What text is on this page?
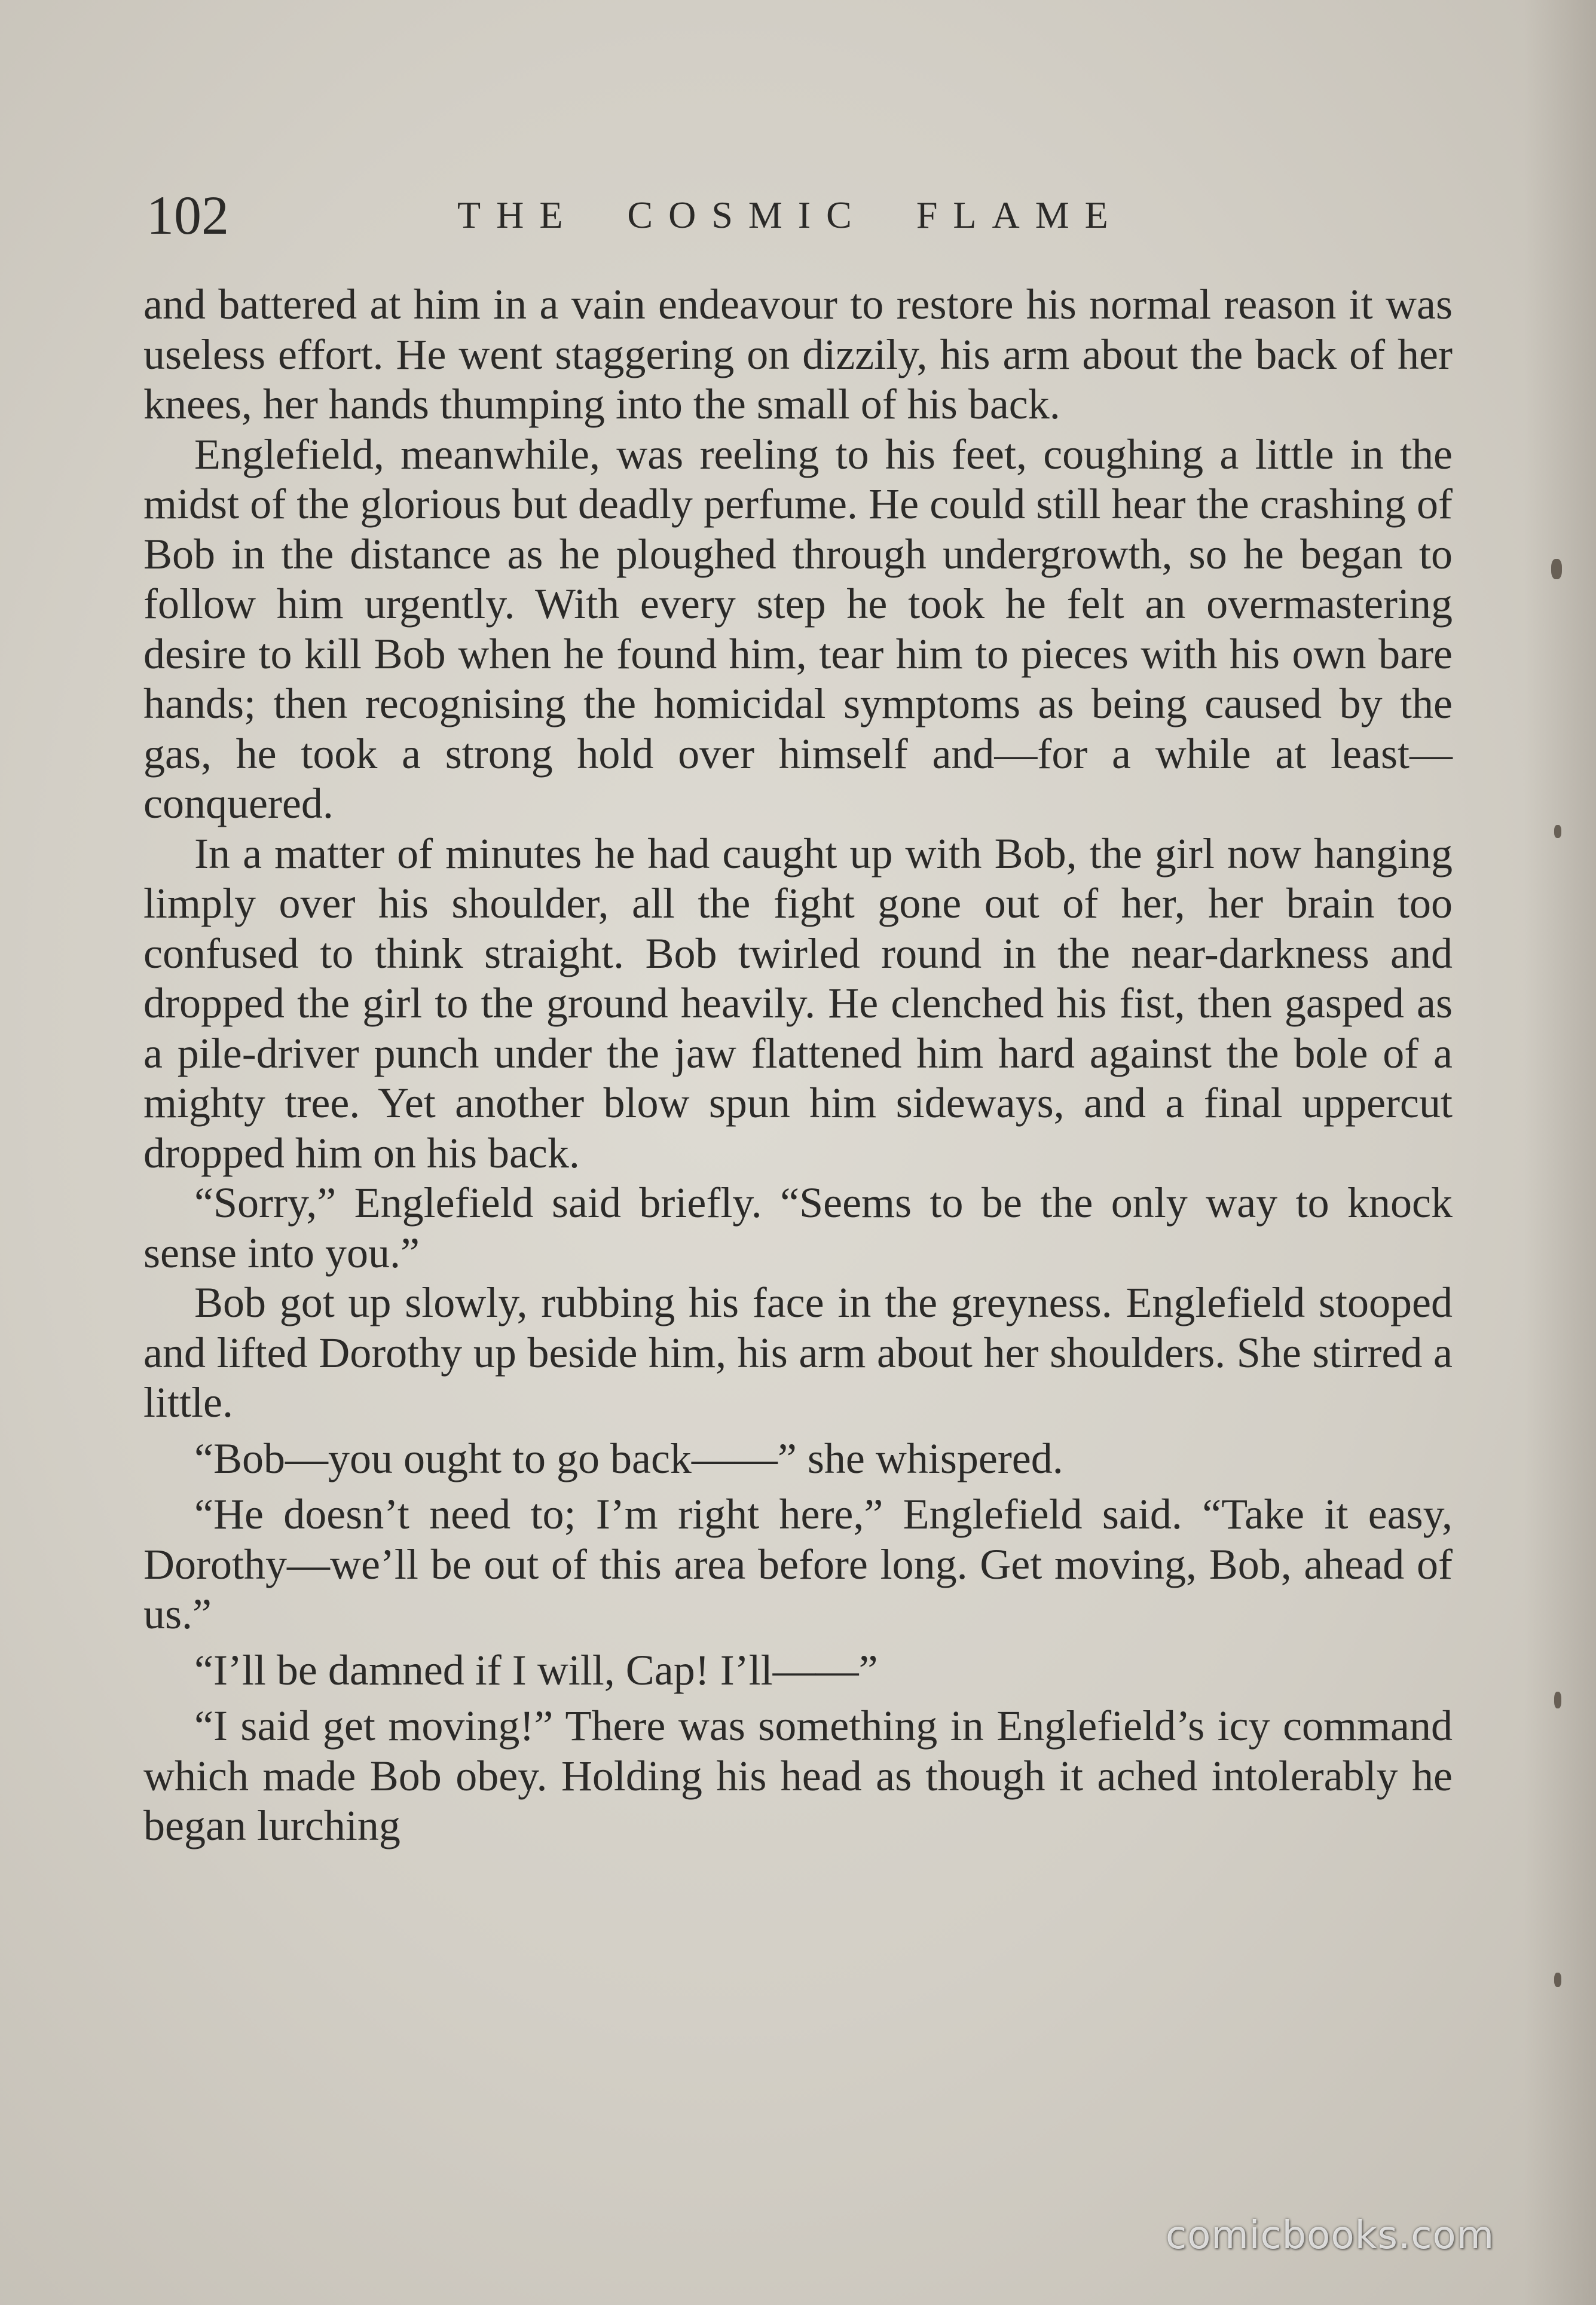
102	THE COSMIC FLAME

and battered at him in a vain endeavour to restore his normal reason it was useless effort. He went staggering on dizzily, his arm about the back of her knees, her hands thumping into the small of his back.

Englefield, meanwhile, was reeling to his feet, coughing a little in the midst of the glorious but deadly perfume. He could still hear the crashing of Bob in the distance as he ploughed through undergrowth, so he began to follow him urgently. With every step he took he felt an overmastering desire to kill Bob when he found him, tear him to pieces with his own bare hands; then recognising the homicidal symptoms as being caused by the gas, he took a strong hold over himself and—for a while at least—conquered.

In a matter of minutes he had caught up with Bob, the girl now hanging limply over his shoulder, all the fight gone out of her, her brain too confused to think straight. Bob twirled round in the near-darkness and dropped the girl to the ground heavily. He clenched his fist, then gasped as a pile-driver punch under the jaw flattened him hard against the bole of a mighty tree. Yet another blow spun him sideways, and a final uppercut dropped him on his back.

“Sorry,” Englefield said briefly. “Seems to be the only way to knock sense into you.”

Bob got up slowly, rubbing his face in the greyness. Englefield stooped and lifted Dorothy up beside him, his arm about her shoulders. She stirred a little.

“Bob—you ought to go back——” she whispered.

“He doesn’t need to; I’m right here,” Englefield said. “Take it easy, Dorothy—we’ll be out of this area before long. Get moving, Bob, ahead of us.”

“I’ll be damned if I will, Cap! I’ll——”

“I said get moving!” There was something in Englefield’s icy command which made Bob obey. Holding his head as though it ached intolerably he began lurching

comicbooks.com
